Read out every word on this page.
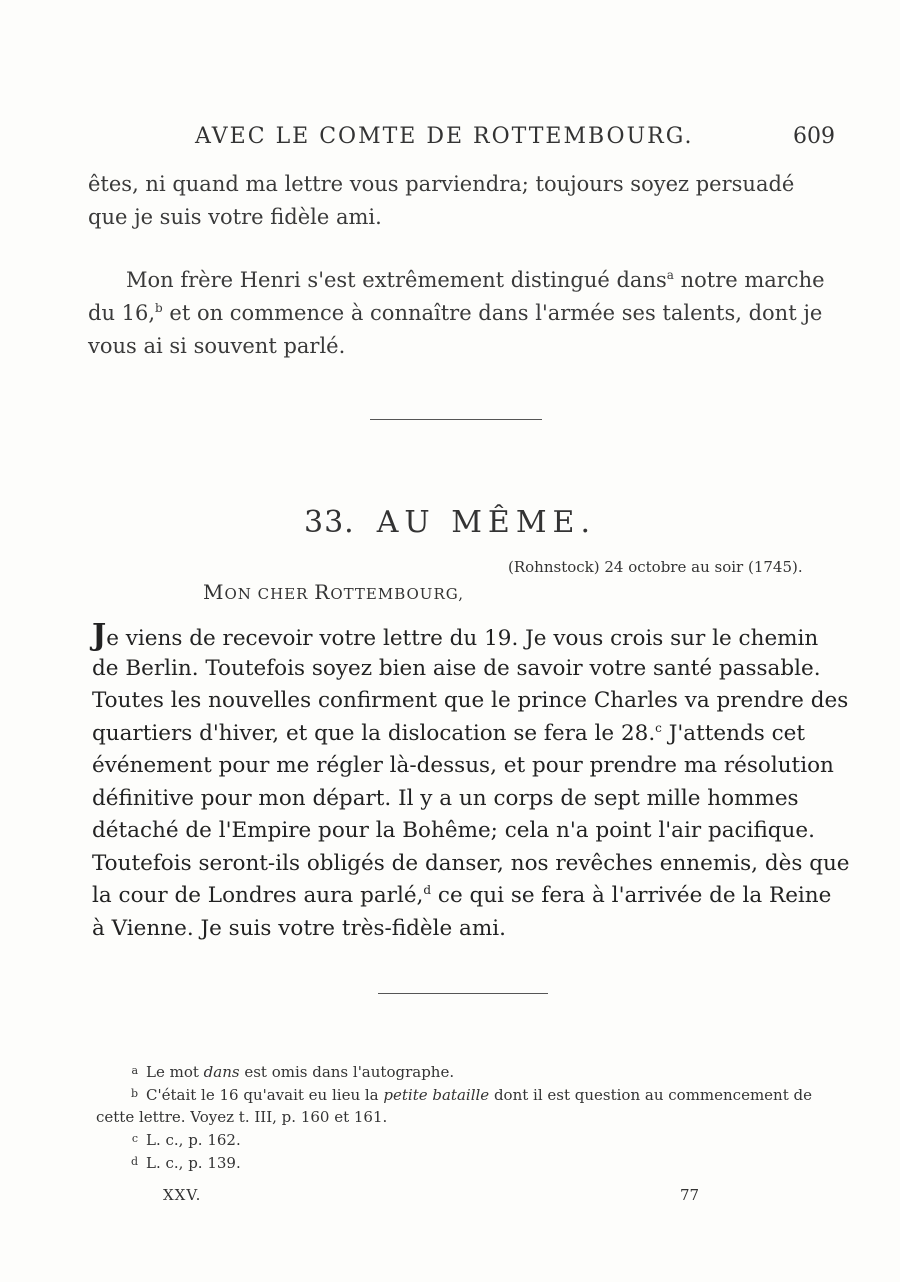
AVEC LE COMTE DE ROTTEMBOURG.	609
êtes, ni quand ma lettre vous parviendra; toujours soyez persuadé
que je suis votre fidèle ami.
Mon frère Henri s'est extrêmement distingué dans$^a$ notre marche
du 16,$^b$ et on commence à connaître dans l'armée ses talents, dont je
vous ai si souvent parlé.
33. AU MÊME.
(Rohnstock) 24 octobre au soir (1745).
MON CHER ROTTEMBOURG,
Je viens de recevoir votre lettre du 19. Je vous crois sur le chemin
de Berlin. Toutefois soyez bien aise de savoir votre santé passable.
Toutes les nouvelles confirment que le prince Charles va prendre des
quartiers d'hiver, et que la dislocation se fera le 28.$^c$ J'attends cet
événement pour me régler là-dessus, et pour prendre ma résolution
définitive pour mon départ. Il y a un corps de sept mille hommes
détaché de l'Empire pour la Bohême; cela n'a point l'air pacifique.
Toutefois seront-ils obligés de danser, nos revêches ennemis, dès que
la cour de Londres aura parlé,$^d$ ce qui se fera à l'arrivée de la Reine
à Vienne. Je suis votre très-fidèle ami.
a Le mot dans est omis dans l'autographe.
b C'était le 16 qu'avait eu lieu la petite bataille dont il est question au commencement de
cette lettre. Voyez t. III, p. 160 et 161.
c L. c., p. 162.
d L. c., p. 139.
XXV.	77
